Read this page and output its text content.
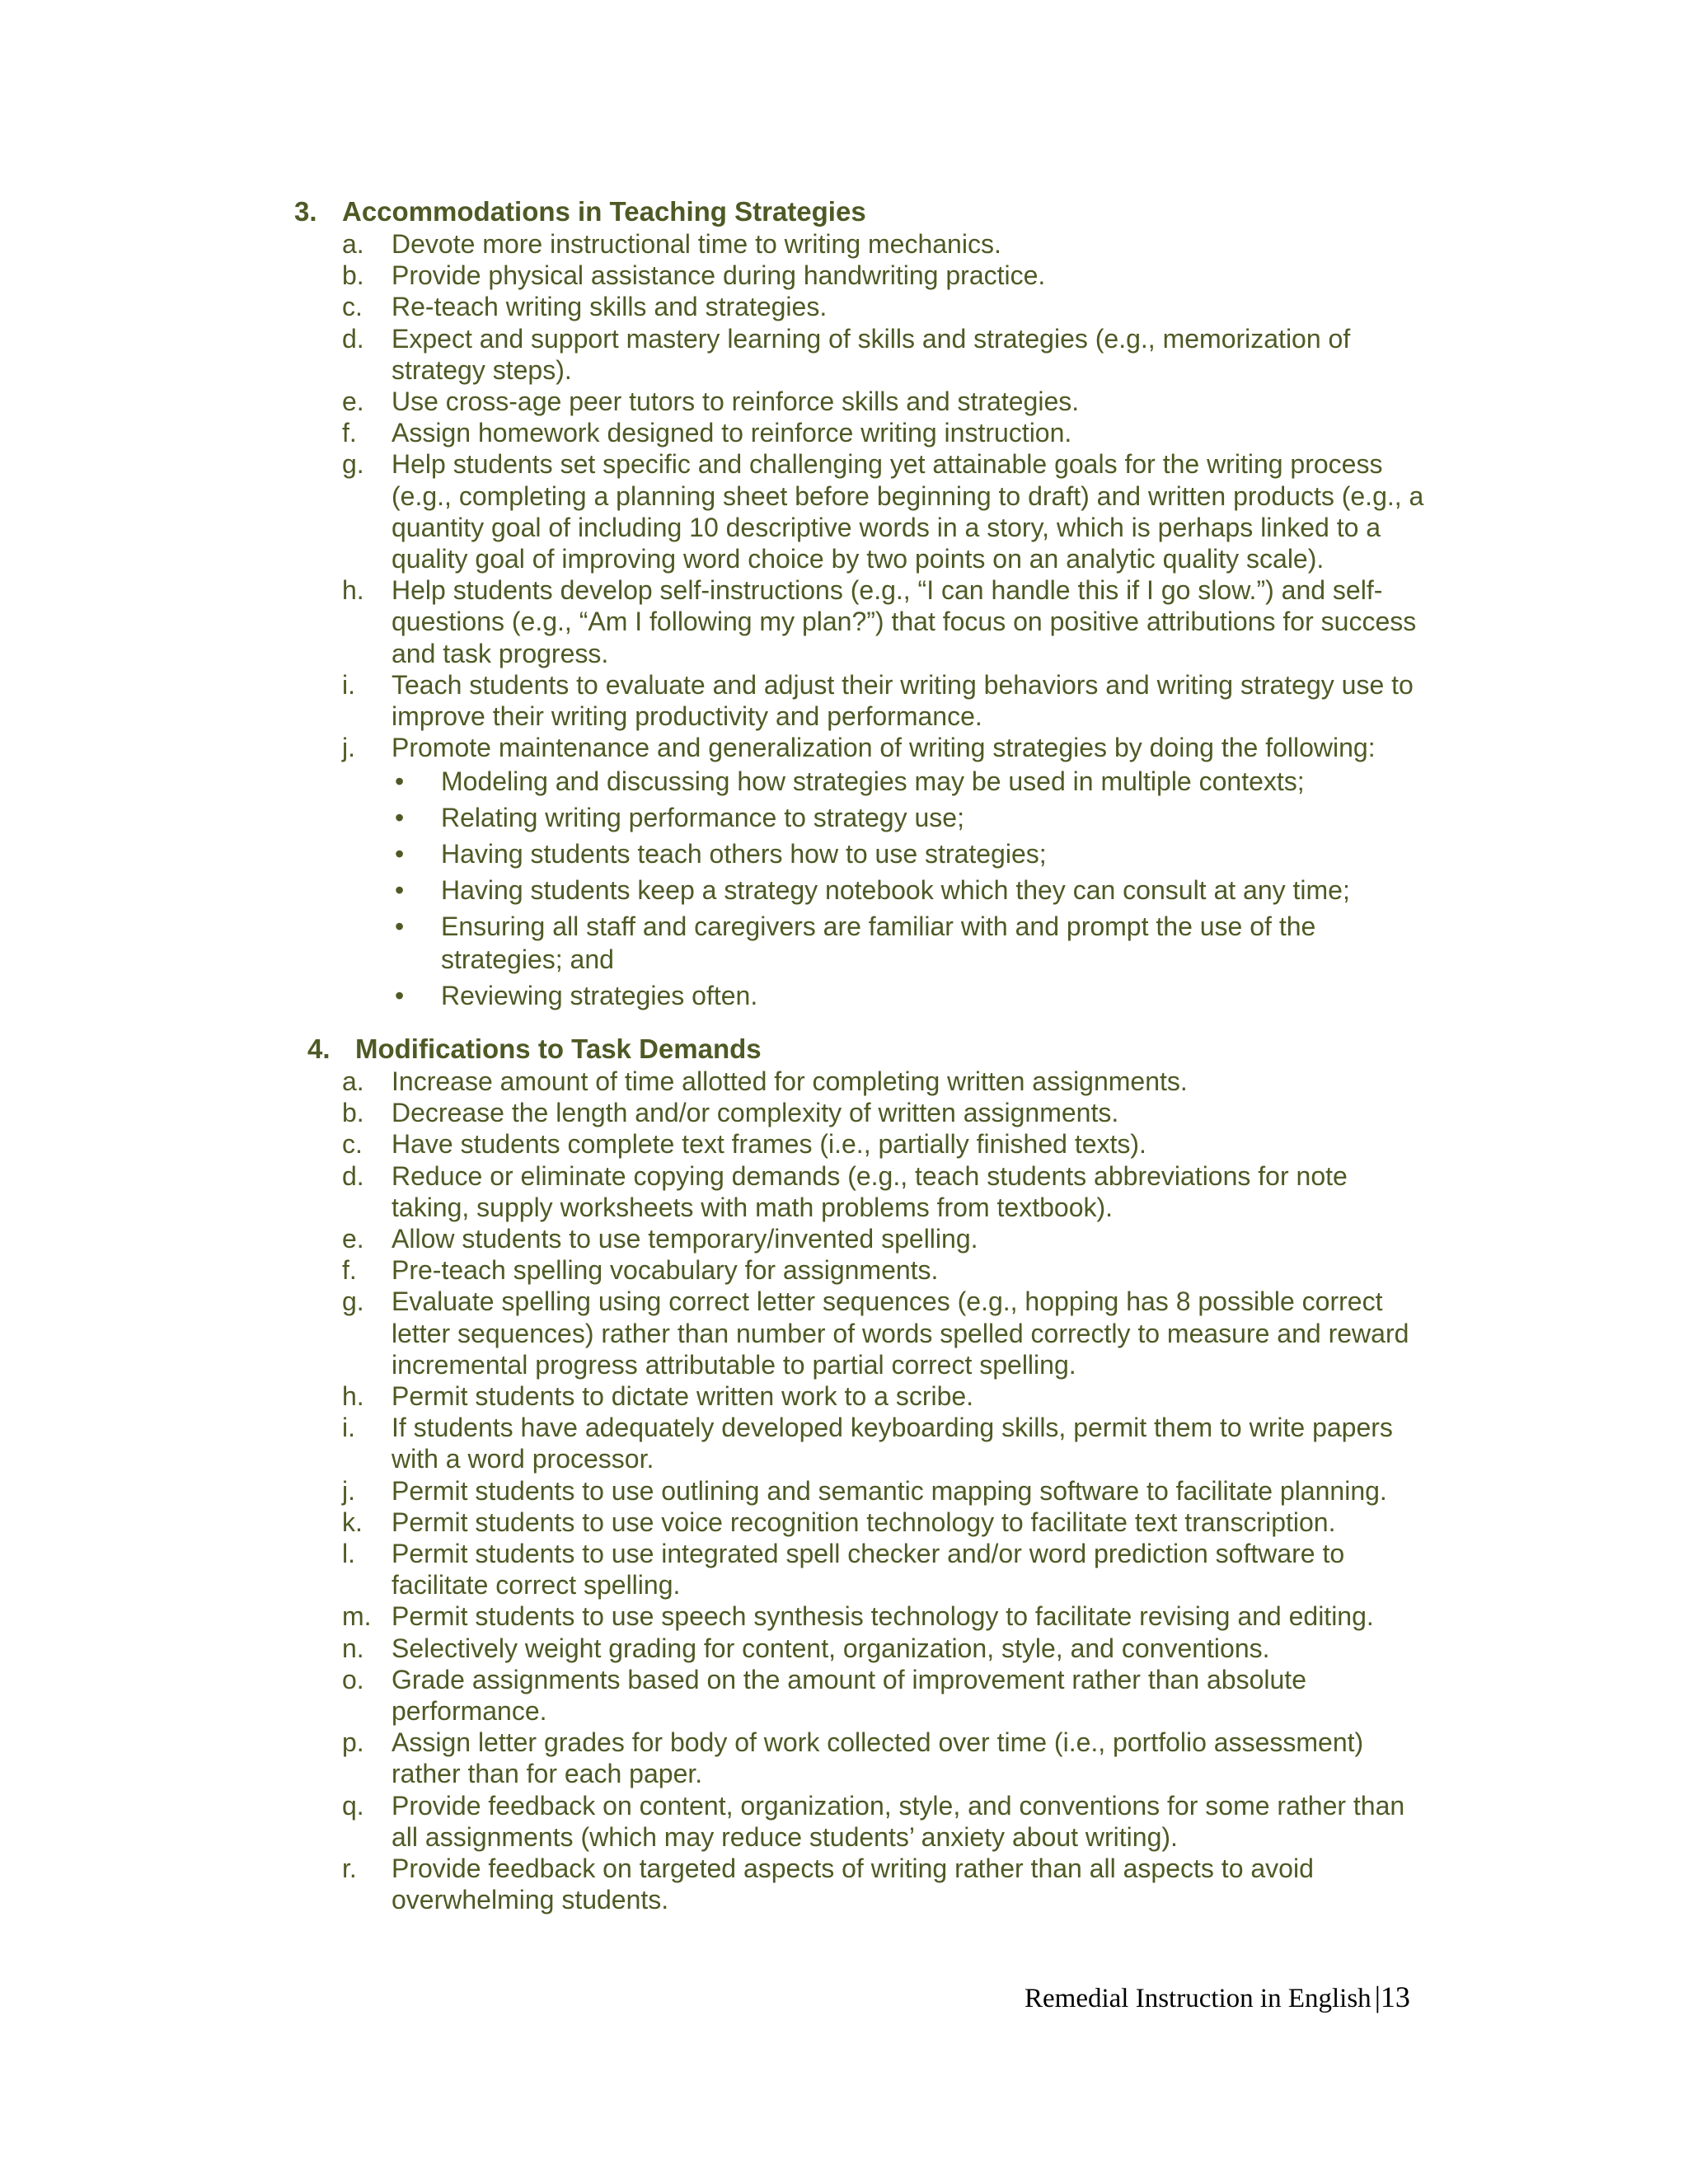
3. Accommodations in Teaching Strategies
a. Devote more instructional time to writing mechanics.
b. Provide physical assistance during handwriting practice.
c. Re-teach writing skills and strategies.
d. Expect and support mastery learning of skills and strategies (e.g., memorization of strategy steps).
e. Use cross-age peer tutors to reinforce skills and strategies.
f. Assign homework designed to reinforce writing instruction.
g. Help students set specific and challenging yet attainable goals for the writing process (e.g., completing a planning sheet before beginning to draft) and written products (e.g., a quantity goal of including 10 descriptive words in a story, which is perhaps linked to a quality goal of improving word choice by two points on an analytic quality scale).
h. Help students develop self-instructions (e.g., “I can handle this if I go slow.”) and self-questions (e.g., “Am I following my plan?”) that focus on positive attributions for success and task progress.
i. Teach students to evaluate and adjust their writing behaviors and writing strategy use to improve their writing productivity and performance.
j. Promote maintenance and generalization of writing strategies by doing the following:
• Modeling and discussing how strategies may be used in multiple contexts;
• Relating writing performance to strategy use;
• Having students teach others how to use strategies;
• Having students keep a strategy notebook which they can consult at any time;
• Ensuring all staff and caregivers are familiar with and prompt the use of the strategies; and
• Reviewing strategies often.
4. Modifications to Task Demands
a. Increase amount of time allotted for completing written assignments.
b. Decrease the length and/or complexity of written assignments.
c. Have students complete text frames (i.e., partially finished texts).
d. Reduce or eliminate copying demands (e.g., teach students abbreviations for note taking, supply worksheets with math problems from textbook).
e. Allow students to use temporary/invented spelling.
f. Pre-teach spelling vocabulary for assignments.
g. Evaluate spelling using correct letter sequences (e.g., hopping has 8 possible correct letter sequences) rather than number of words spelled correctly to measure and reward incremental progress attributable to partial correct spelling.
h. Permit students to dictate written work to a scribe.
i. If students have adequately developed keyboarding skills, permit them to write papers with a word processor.
j. Permit students to use outlining and semantic mapping software to facilitate planning.
k. Permit students to use voice recognition technology to facilitate text transcription.
l. Permit students to use integrated spell checker and/or word prediction software to facilitate correct spelling.
m. Permit students to use speech synthesis technology to facilitate revising and editing.
n. Selectively weight grading for content, organization, style, and conventions.
o. Grade assignments based on the amount of improvement rather than absolute performance.
p. Assign letter grades for body of work collected over time (i.e., portfolio assessment) rather than for each paper.
q. Provide feedback on content, organization, style, and conventions for some rather than all assignments (which may reduce students’ anxiety about writing).
r. Provide feedback on targeted aspects of writing rather than all aspects to avoid overwhelming students.
Remedial Instruction in English |13
